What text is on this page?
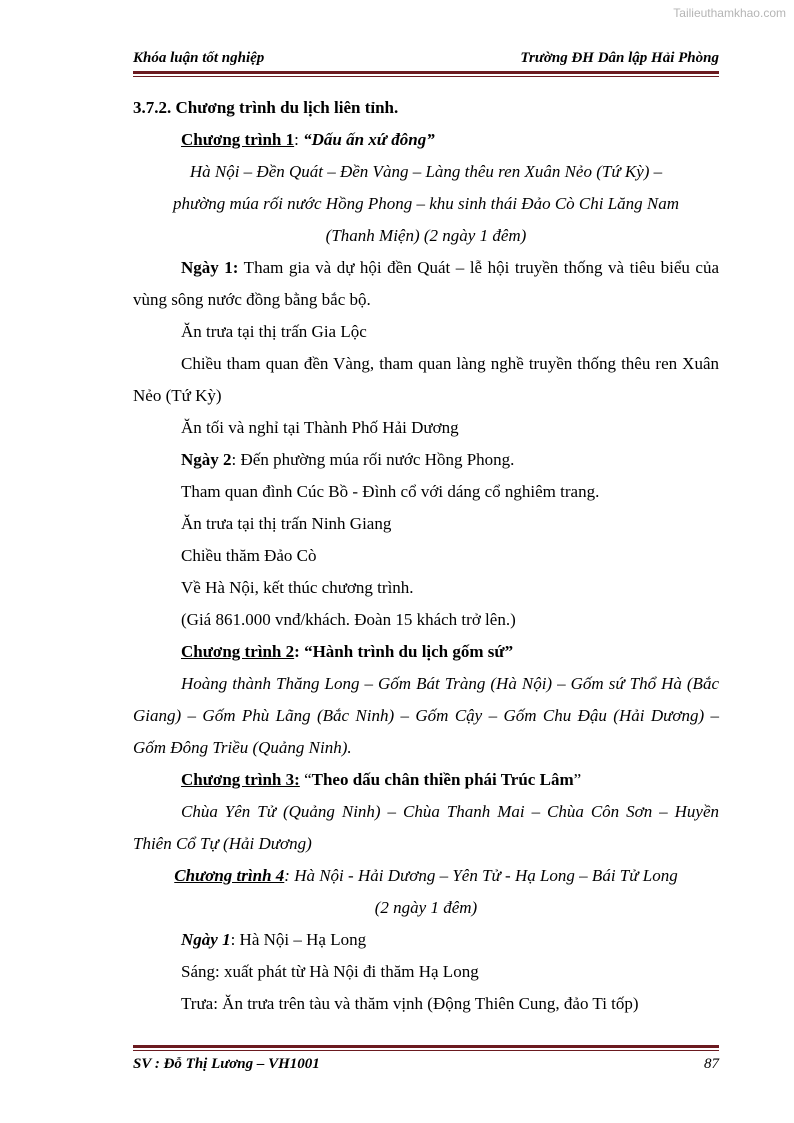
Tailieuthamkhao.com
Khóa luận tốt nghiệp	Trường ĐH Dân lập Hải Phòng

3.7.2. Chương trình du lịch liên tỉnh.

Chương trình 1: “Dấu ấn xứ đông”

Hà Nội – Đền Quát – Đền Vàng – Làng thêu ren Xuân Nẻo (Tứ Kỳ) –

phường múa rối nước Hồng Phong – khu sinh thái Đảo Cò Chi Lăng Nam

(Thanh Miện) (2 ngày 1 đêm)

Ngày 1: Tham gia và dự hội đền Quát – lễ hội truyền thống và tiêu biểu của vùng sông nước đồng bằng bắc bộ.

Ăn trưa tại thị trấn Gia Lộc

Chiều tham quan đền Vàng, tham quan làng nghề truyền thống thêu ren Xuân Nẻo (Tứ Kỳ)

Ăn tối và nghỉ tại Thành Phố Hải Dương

Ngày 2: Đến phường múa rối nước Hồng Phong.

Tham quan đình Cúc Bồ - Đình cổ với dáng cổ nghiêm trang.

Ăn trưa tại thị trấn Ninh Giang

Chiều thăm Đảo Cò

Về Hà Nội, kết thúc chương trình.

(Giá 861.000 vnđ/khách. Đoàn 15 khách trở lên.)

Chương trình 2: “Hành trình du lịch gốm sứ”

Hoàng thành Thăng Long – Gốm Bát Tràng (Hà Nội) – Gốm sứ Thổ Hà (Bắc Giang) – Gốm Phù Lãng (Bắc Ninh) – Gốm Cậy – Gốm Chu Đậu (Hải Dương) – Gốm Đông Triều (Quảng Ninh).

Chương trình 3: “Theo dấu chân thiền phái Trúc Lâm”

Chùa Yên Tử (Quảng Ninh) – Chùa Thanh Mai – Chùa Côn Sơn – Huyền Thiên Cổ Tự (Hải Dương)

Chương trình 4: Hà Nội - Hải Dương – Yên Tử - Hạ Long – Bái Tử Long

(2 ngày 1 đêm)

Ngày 1: Hà Nội – Hạ Long

Sáng: xuất phát từ Hà Nội đi thăm Hạ Long

Trưa: Ăn trưa trên tàu và thăm vịnh (Động Thiên Cung, đảo Ti tốp)

SV : Đỗ Thị Lương – VH1001	87
